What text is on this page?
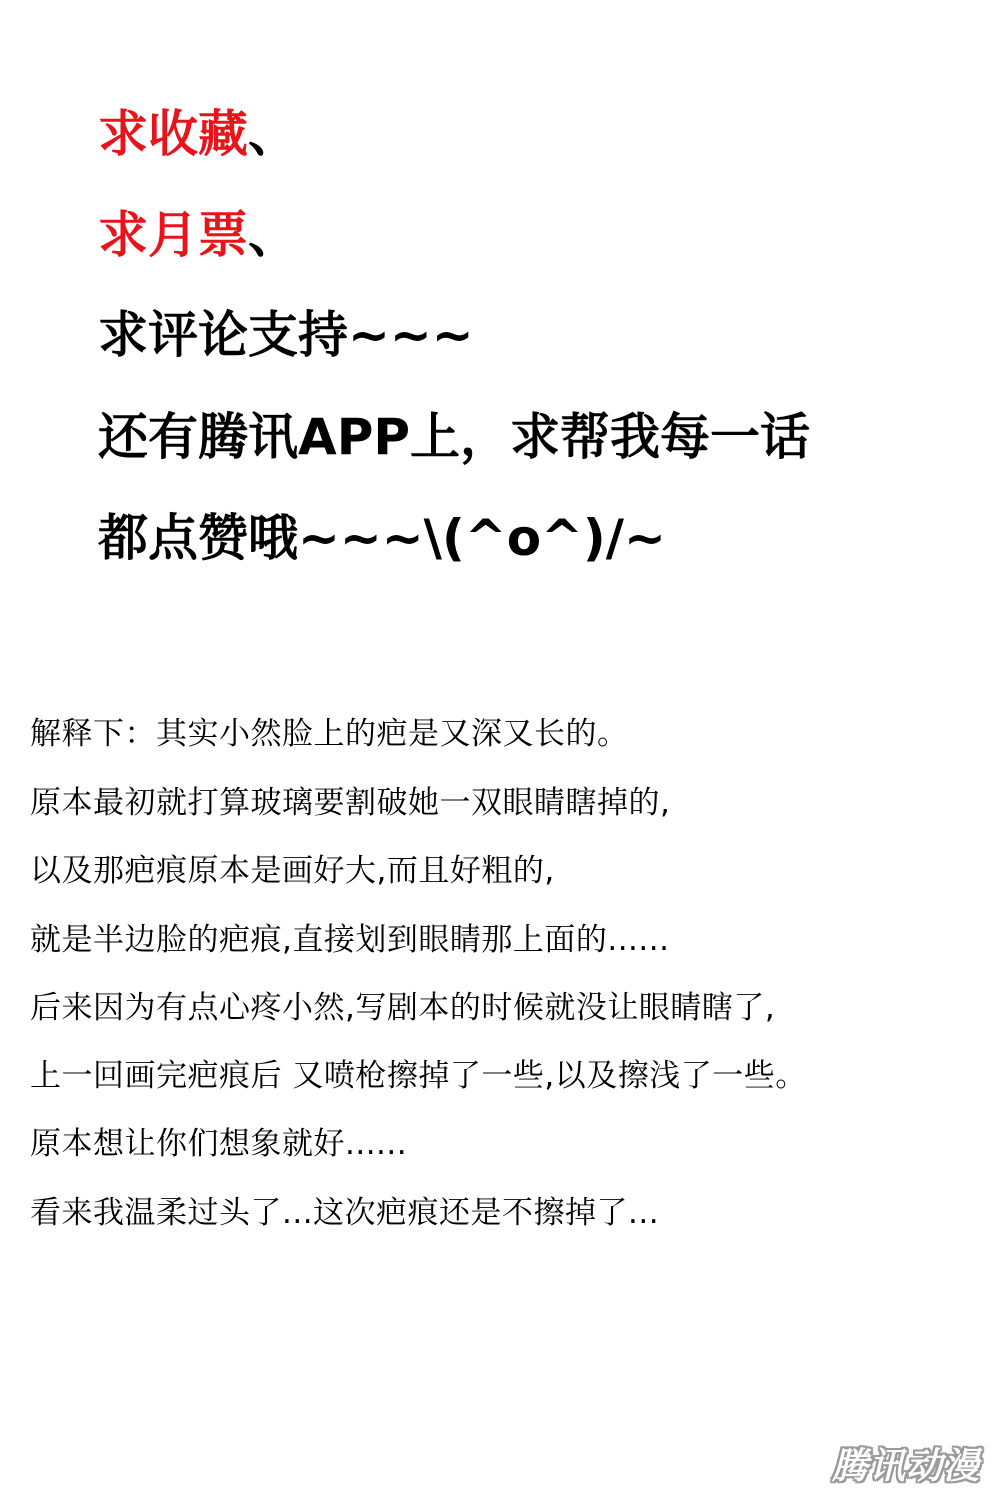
求收藏、
求月票、
求评论支持~~~
还有腾讯APP上，求帮我每一话
都点赞哦~~~\(^o^)/~
解释下：其实小然脸上的疤是又深又长的。
原本最初就打算玻璃要割破她一双眼睛瞎掉的,
以及那疤痕原本是画好大,而且好粗的,
就是半边脸的疤痕,直接划到眼睛那上面的......
后来因为有点心疼小然,写剧本的时候就没让眼睛瞎了,
上一回画完疤痕后 又喷枪擦掉了一些,以及擦浅了一些。
原本想让你们想象就好......
看来我温柔过头了...这次疤痕还是不擦掉了...
腾讯动漫
